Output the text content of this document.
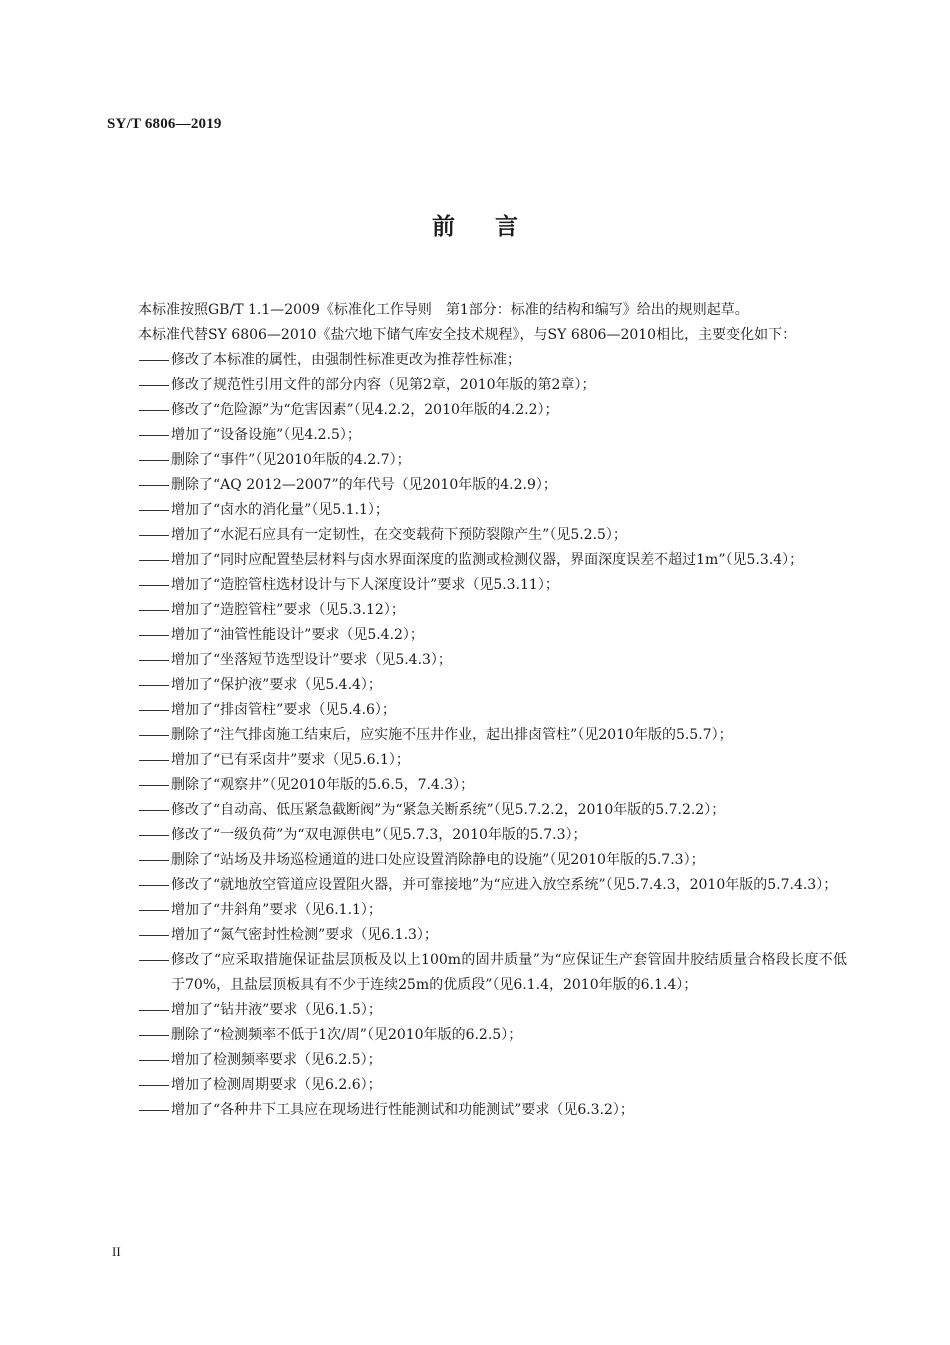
SY/T 6806—2019
前言

本标准按照GB/T 1.1—2009《标准化工作导则　第1部分：标准的结构和编写》给出的规则起草。

本标准代替SY 6806—2010《盐穴地下储气库安全技术规程》，与SY 6806—2010相比，主要变化如下：

修改了本标准的属性，由强制性标准更改为推荐性标准；

修改了规范性引用文件的部分内容（见第2章，2010年版的第2章）；

修改了“危险源”为“危害因素”（见4.2.2，2010年版的4.2.2）；

增加了“设备设施”（见4.2.5）；

删除了“事件”（见2010年版的4.2.7）；

删除了“AQ 2012—2007”的年代号（见2010年版的4.2.9）；

增加了“卤水的消化量”（见5.1.1）；

增加了“水泥石应具有一定韧性，在交变载荷下预防裂隙产生”（见5.2.5）；

增加了“同时应配置垫层材料与卤水界面深度的监测或检测仪器，界面深度误差不超过1m”（见5.3.4）；

增加了“造腔管柱选材设计与下人深度设计”要求（见5.3.11）；

增加了“造腔管柱”要求（见5.3.12）；

增加了“油管性能设计”要求（见5.4.2）；

增加了“坐落短节选型设计”要求（见5.4.3）；

增加了“保护液”要求（见5.4.4）；

增加了“排卤管柱”要求（见5.4.6）；

删除了“注气排卤施工结束后，应实施不压井作业，起出排卤管柱”（见2010年版的5.5.7）；

增加了“已有采卤井”要求（见5.6.1）；

删除了“观察井”（见2010年版的5.6.5，7.4.3）；

修改了“自动高、低压紧急截断阀”为“紧急关断系统”（见5.7.2.2，2010年版的5.7.2.2）；

修改了“一级负荷”为“双电源供电”（见5.7.3，2010年版的5.7.3）；

删除了“站场及井场巡检通道的进口处应设置消除静电的设施”（见2010年版的5.7.3）；

修改了“就地放空管道应设置阻火器，并可靠接地”为“应进入放空系统”（见5.7.4.3，2010年版的5.7.4.3）；

增加了“井斜角”要求（见6.1.1）；

增加了“氮气密封性检测”要求（见6.1.3）；

修改了“应采取措施保证盐层顶板及以上100m的固井质量”为“应保证生产套管固井胶结质量合格段长度不低于70%，且盐层顶板具有不少于连续25m的优质段”（见6.1.4，2010年版的6.1.4）；

增加了“钻井液”要求（见6.1.5）；

删除了“检测频率不低于1次/周”（见2010年版的6.2.5）；

增加了检测频率要求（见6.2.5）；

增加了检测周期要求（见6.2.6）；

增加了“各种井下工具应在现场进行性能测试和功能测试”要求（见6.3.2）；

II
